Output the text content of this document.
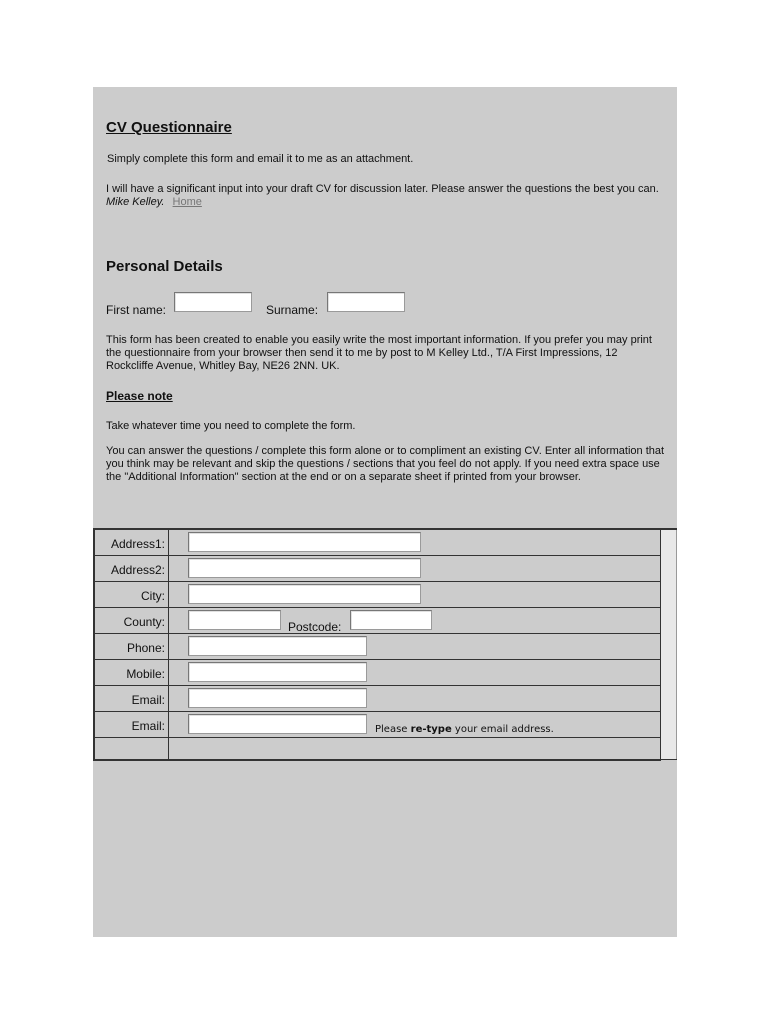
CV Questionnaire
Simply complete this form and email it to me as an attachment.
I will have a significant input into your draft CV for discussion later. Please answer the questions the best you can.  Mike Kelley. Home
Personal Details
First name:	Surname:
This form has been created to enable you easily write the most important information. If you prefer you may print the questionnaire from your browser then send it to me by post to M Kelley Ltd., T/A First Impressions, 12 Rockcliffe Avenue, Whitley Bay, NE26 2NN. UK.
Please note
Take whatever time you need to complete the form.
You can answer the questions / complete this form alone or to compliment an existing CV. Enter all information that you think may be relevant and skip the questions / sections that you feel do not apply. If you need extra space use the "Additional Information" section at the end or on a separate sheet if printed from your browser.
Address1:
Address2:
City:
County:	Postcode:
Phone:
Mobile:
Email:
Email:	Please re-type your email address.
